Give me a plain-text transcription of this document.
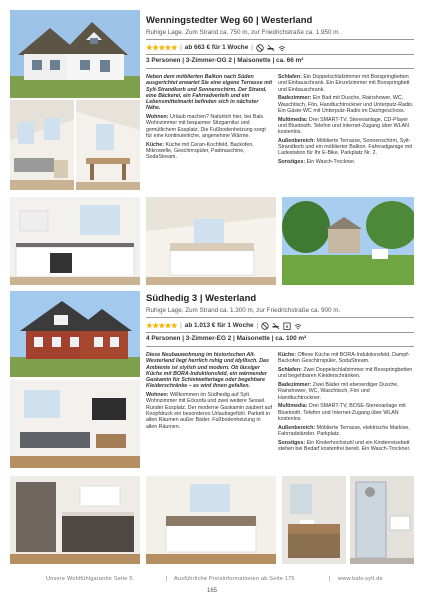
Wenningstedter Weg 60 | Westerland
Ruhige Lage. Zum Strand ca. 750 m, zur Friedrichstraße ca. 1.950 m.
★★★★★ | ab 663 € für 1 Woche |
3 Personen | 3-Zimmer-OG 2 | Maisonette | ca. 66 m²

Neben dem möblierten Balkon nach Süden ausgerichtet erwartet Sie eine eigene Terrasse mit Sylt-Strandkorb und Sonnenschirm. Der Strand, eine Bäckerei, ein Fahrradverleih und ein Lebensmittelmarkt befinden sich in nächster Nähe.

Wohnen: Urlaub machen? Natürlich hier, bei Bals. Wohnzimmer mit bequemer Sitzgarnitur und gemütlichem Essplatz. Die Fußbodenheizung sorgt für eine kontinuierliche, angenehme Wärme.

Küche: Küche mit Ceran-Kochfeld, Backofen, Mikrowelle, Geschirrspüler, Padmaschine, SodaStream.

Schlafen: Ein Doppelschlafzimmer mit Boxspringbetten und Einbauschrank. Ein Einzelzimmer mit Boxspringbett und Einbauschrank.

Badezimmer: Ein Bad mit Dusche, Rainshower, WC, Waschtisch, Fön, Handtuchtrockner und Unterputz-Radio. Ein Gäste-WC mit Unterputz-Radio im Dachgeschoss.

Multimedia: Drei SMART-TV, Stereoanlage, CD-Player und Bluetooth. Telefon und Internet-Zugang über WLAN kostenlos.

Außenbereich: Möblierte Terrasse, Sonnenschirm, Sylt-Strandkorb und ein möblierter Balkon. Fahrradgarage mit Ladestation für Ihr E-Bike. Parkplatz Nr. 2.

Sonstiges: Ein Wasch-Trockner.

Südhedig 3 | Westerland
Ruhige Lage. Zum Strand ca. 1.300 m, zur Friedrichstraße ca. 900 m.
★★★★★ | ab 1.013 € für 1 Woche |
4 Personen | 3-Zimmer-EG 2 | Maisonette | ca. 100 m²

Diese Neubauwohnung im historischen Alt-Westerland liegt herrlich ruhig und idyllisch. Das Ambiente ist stylish und modern. Ob lässiger Küche mit BORA-Induktionsfeld, ein wärmender Gaskamin für Schietwettertage oder begehbare Kleiderschränke – es wird ihnen gefallen.

Wohnen: Willkommen im Südhedig auf Sylt. Wohnzimmer mit Ecksofa und zwei weitere Sessel. Runder Essplatz. Der moderne Gaskamin zaubert auf Knopfdruck ein besonderes Urlaubsgefühl. Parkett in allen Räumen außer Bäder. Fußbodenheizung in allen Räumen.

Küche: Offene Küche mit BORA-Induktionsfeld, Dampf-Backofen Geschirrspüler, SodaStream.

Schlafen: Zwei Doppelschlafzimmer mit Boxspringbetten und begehbaren Kleiderschränken.

Badezimmer: Zwei Bäder mit ebenerdiger Dusche, Rainshower, WC, Waschtisch, Fön und Handtuchtrockner.

Multimedia: Drei SMART-TV, BOSE-Stereoanlage mit Bluetooth. Telefon und Internet-Zugang über WLAN kostenlos.

Außenbereich: Möblierte Terrasse, elektrische Markise, Fahrradständer. Parkplatz.

Sonstiges: Ein Kinderhochstuhl und ein Kinderreisebett stehen bei Bedarf kostenfrei bereit. Ein Wasch-Trockner.

Unsere Wohlfühlgarantie Seite 5	| Ausführliche Preisinformationen ab Seite 175	| www.bals-sylt.de
165
